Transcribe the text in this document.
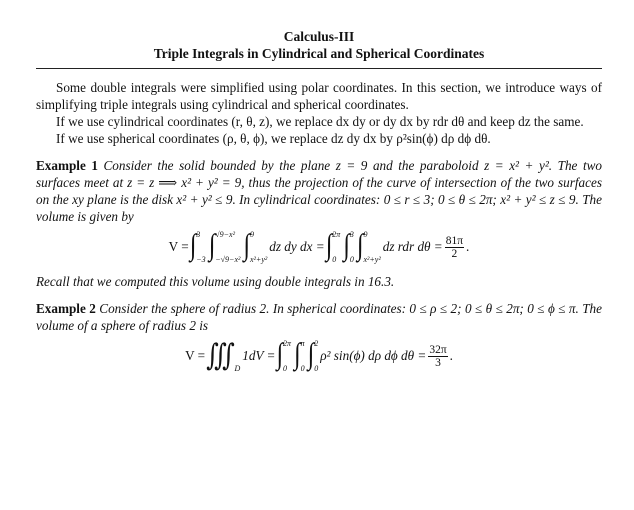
Calculus-III
Triple Integrals in Cylindrical and Spherical Coordinates

Some double integrals were simplified using polar coordinates. In this section, we introduce ways of simplifying triple integrals using cylindrical and spherical coordinates.

If we use cylindrical coordinates (r, θ, z), we replace dx dy or dy dx by rdr dθ and keep dz the same.

If we use spherical coordinates (ρ, θ, ϕ), we replace dz dy dx by ρ²sin(ϕ) dρ dϕ dθ.

Example 1 Consider the solid bounded by the plane z = 9 and the paraboloid z = x² + y². The two surfaces meet at z = z ⟹ x² + y² = 9, thus the projection of the curve of intersection of the two surfaces on the xy plane is the disk x² + y² ≤ 9. In cylindrical coordinates: 0 ≤ r ≤ 3; 0 ≤ θ ≤ 2π; x² + y² ≤ z ≤ 9. The volume is given by

V = ∫ 3
−3 ∫ √9−x²
−√9−x² ∫ 9
x²+y²
dz dy dx = ∫ 2π
0 ∫ 3
0 ∫ 9
x²+y²
dz rdr $d\theta = \frac{81\pi}{2}$ .

Recall that we computed this volume using double integrals in 16.3.

Example 2 Consider the sphere of radius 2. In spherical coordinates: 0 ≤ ρ ≤ 2; 0 ≤ θ ≤ 2π; 0 ≤ ϕ ≤ π. The volume of a sphere of radius 2 is

V = ∭ D
1dV = ∫ 2π
0 ∫ π
0 ∫ 2
0
ρ² sin(ϕ) dρ dϕ $d\theta = \frac{32\pi}{3}$ .
